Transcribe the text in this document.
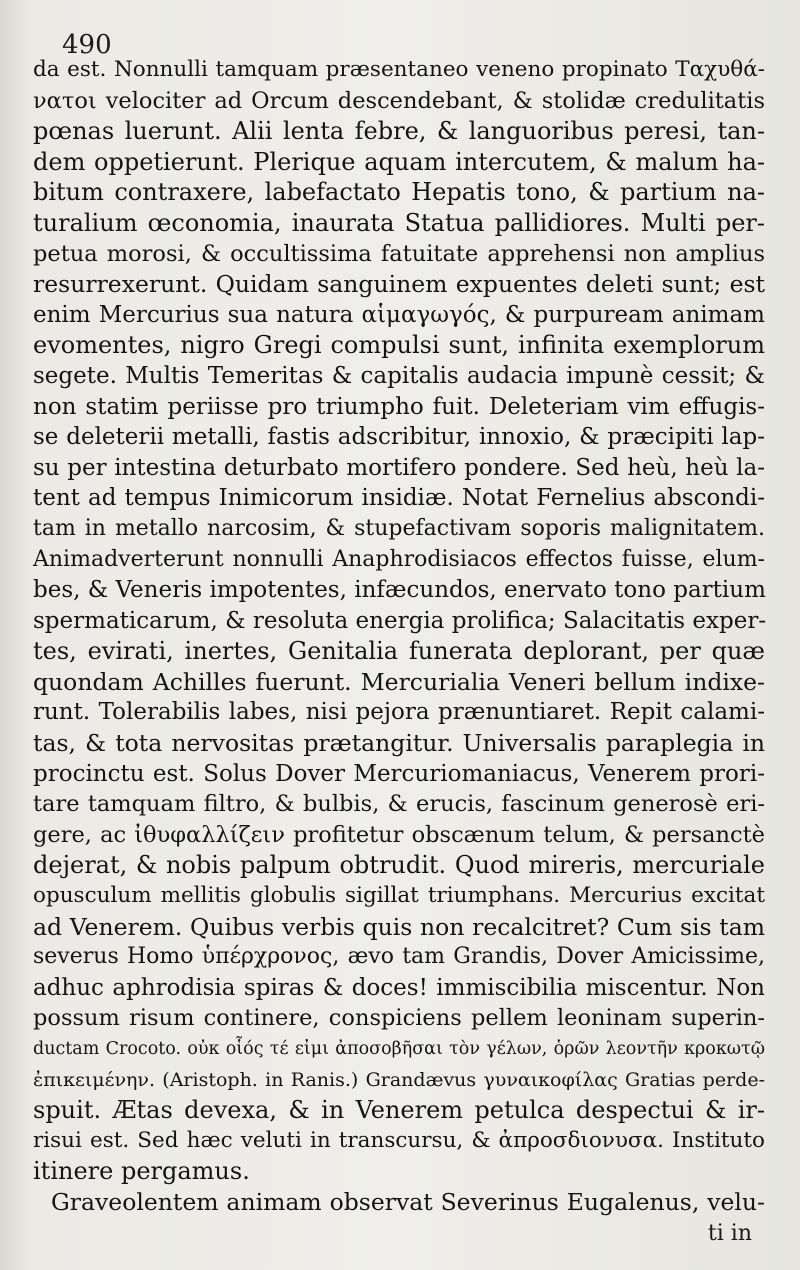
490
da est. Nonnulli tamquam præsentaneo veneno propinato Ταχυθά-
νατοι velociter ad Orcum descendebant, & stolidæ credulitatis
pœnas luerunt. Alii lenta febre, & languoribus peresi, tan-
dem oppetierunt. Plerique aquam intercutem, & malum ha-
bitum contraxere, labefactato Hepatis tono, & partium na-
turalium œconomia, inaurata Statua pallidiores. Multi per-
petua morosi, & occultissima fatuitate apprehensi non amplius
resurrexerunt. Quidam sanguinem expuentes deleti sunt; est
enim Mercurius sua natura αἱμαγωγός, & purpuream animam
evomentes, nigro Gregi compulsi sunt, infinita exemplorum
segete. Multis Temeritas & capitalis audacia impunè cessit; &
non statim periisse pro triumpho fuit. Deleteriam vim effugis-
se deleterii metalli, fastis adscribitur, innoxio, & præcipiti lap-
su per intestina deturbato mortifero pondere. Sed heù, heù la-
tent ad tempus Inimicorum insidiæ. Notat Fernelius abscondi-
tam in metallo narcosim, & stupefactivam soporis malignitatem.
Animadverterunt nonnulli Anaphrodisiacos effectos fuisse, elum-
bes, & Veneris impotentes, infæcundos, enervato tono partium
spermaticarum, & resoluta energia prolifica; Salacitatis exper-
tes, evirati, inertes, Genitalia funerata deplorant, per quæ
quondam Achilles fuerunt. Mercurialia Veneri bellum indixe-
runt. Tolerabilis labes, nisi pejora prænuntiaret. Repit calami-
tas, & tota nervositas prætangitur. Universalis paraplegia in
procinctu est. Solus Dover Mercuriomaniacus, Venerem prori-
tare tamquam filtro, & bulbis, & erucis, fascinum generosè eri-
gere, ac ἰθυφαλλίζειν profitetur obscænum telum, & persanctè
dejerat, & nobis palpum obtrudit. Quod mireris, mercuriale
opusculum mellitis globulis sigillat triumphans. Mercurius excitat
ad Venerem. Quibus verbis quis non recalcitret? Cum sis tam
severus Homo ὑπέρχρονος, ævo tam Grandis, Dover Amicissime,
adhuc aphrodisia spiras & doces! immiscibilia miscentur. Non
possum risum continere, conspiciens pellem leoninam superin-
ductam Crocoto. οὐκ οἷός τέ εἰμι ἀποσοβῆσαι τὸν γέλων, ὁρῶν λεοντῆν κροκωτῷ
ἐπικειμένην. (Aristoph. in Ranis.) Grandævus γυναικοφίλας Gratias perde-
spuit. Ætas devexa, & in Venerem petulca despectui & ir-
risui est. Sed hæc veluti in transcursu, & ἀπροσδιονυσα. Instituto
itinere pergamus.
Graveolentem animam observat Severinus Eugalenus, velu-
ti in
